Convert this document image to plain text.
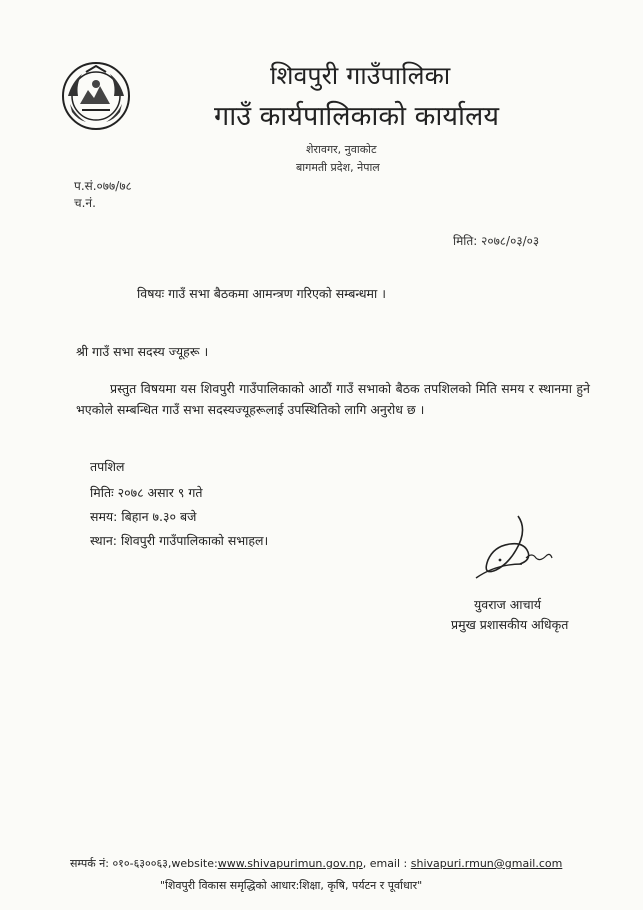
शिवपुरी गाउँपालिका
गाउँ कार्यपालिकाको कार्यालय
शेरावगर, नुवाकोट
बागमती प्रदेश, नेपाल
प.सं.०७७/७८
च.नं.
मिति: २०७८/०३/०३
विषयः गाउँ सभा बैठकमा आमन्त्रण गरिएको सम्बन्धमा ।
श्री गाउँ सभा सदस्य ज्यूहरू ।
प्रस्तुत विषयमा यस शिवपुरी गाउँपालिकाको आठौं गाउँ सभाको बैठक तपशिलको मिति समय र स्थानमा हुने भएकोले सम्बन्धित गाउँ सभा सदस्यज्यूहरूलाई उपस्थितिको लागि अनुरोध छ ।
तपशिल
मितिः २०७८ असार ९ गते
समय: बिहान ७.३० बजे
स्थान: शिवपुरी गाउँपालिकाको सभाहल।
युवराज आचार्य
प्रमुख प्रशासकीय अधिकृत
सम्पर्क नं: ०१०-६३००६३,website:www.shivapurimun.gov.np, email : shivapuri.rmun@gmail.com
"शिवपुरी विकास समृद्धिको आधार:शिक्षा, कृषि, पर्यटन र पूर्वाधार"
